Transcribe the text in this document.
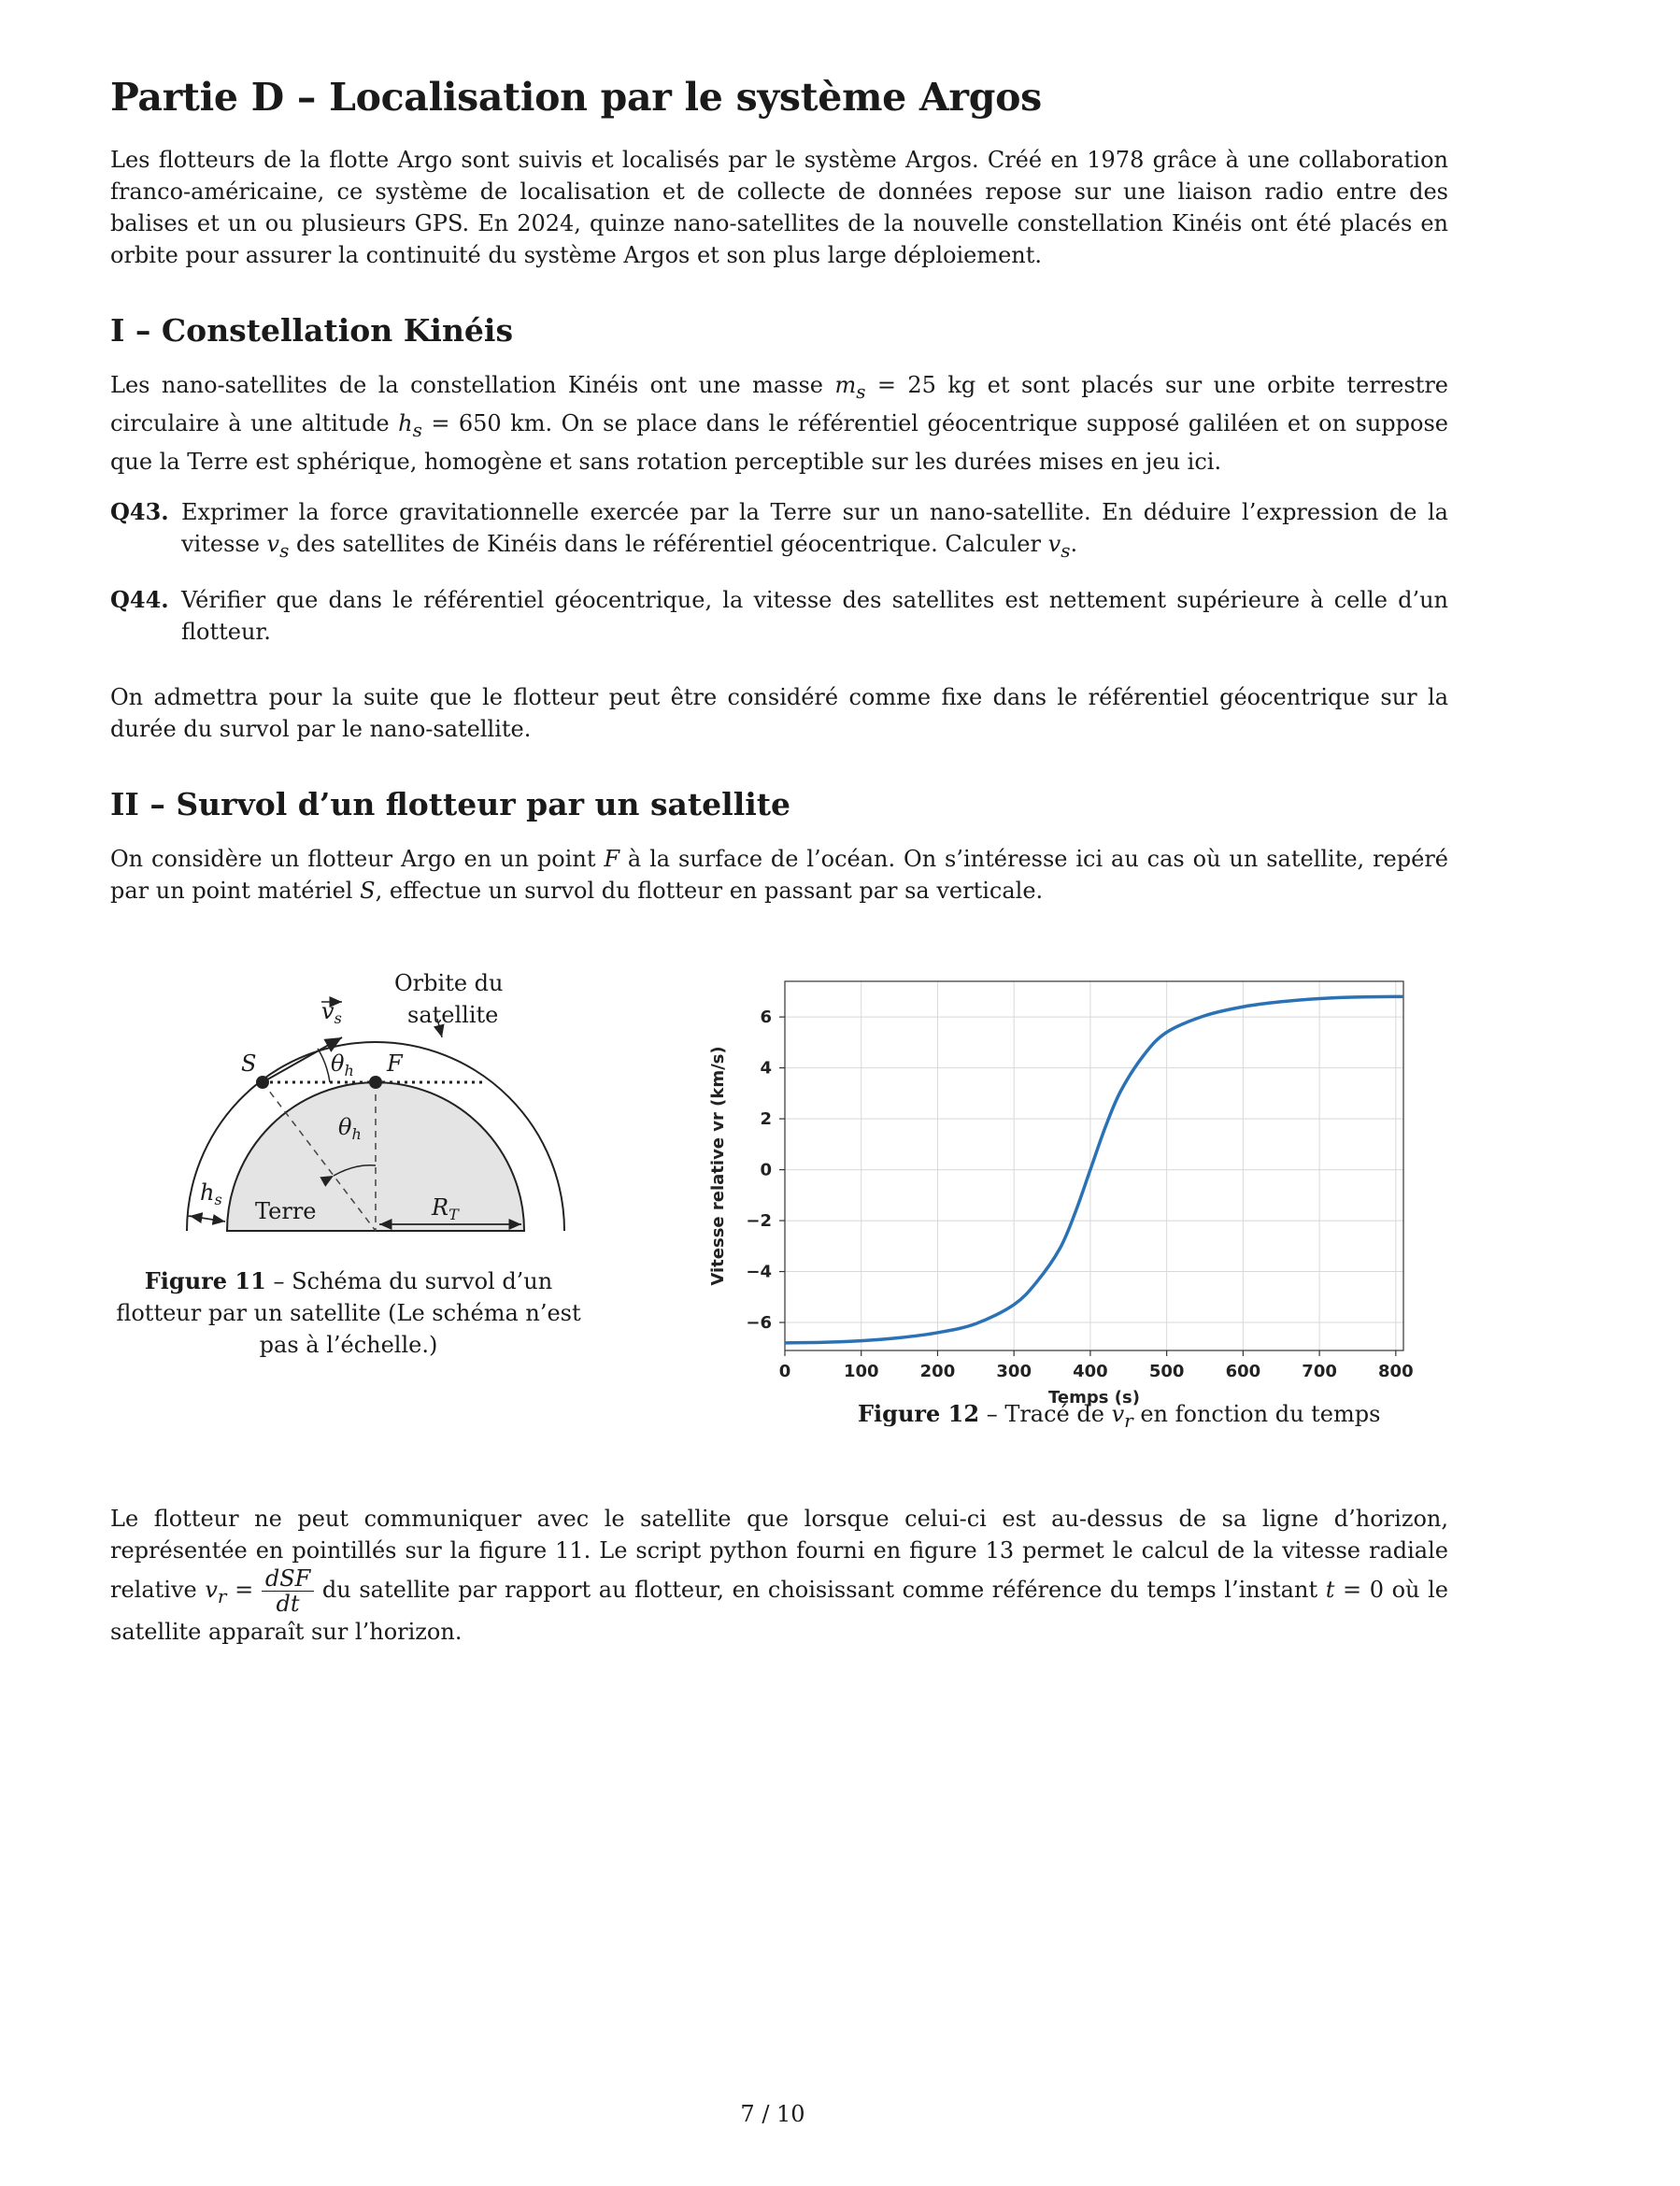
Partie D – Localisation par le système Argos

Les flotteurs de la flotte Argo sont suivis et localisés par le système Argos. Créé en 1978 grâce à une collaboration franco-américaine, ce système de localisation et de collecte de données repose sur une liaison radio entre des balises et un ou plusieurs GPS. En 2024, quinze nano-satellites de la nouvelle constellation Kinéis ont été placés en orbite pour assurer la continuité du système Argos et son plus large déploiement.

I – Constellation Kinéis

Les nano-satellites de la constellation Kinéis ont une masse $m_s = 25$ kg et sont placés sur une orbite terrestre circulaire à une altitude $h_s = 650$ km. On se place dans le référentiel géocentrique supposé galiléen et on suppose que la Terre est sphérique, homogène et sans rotation perceptible sur les durées mises en jeu ici.

Q43. Exprimer la force gravitationnelle exercée par la Terre sur un nano-satellite. En déduire l’expression de la vitesse $v_s$ des satellites de Kinéis dans le référentiel géocentrique. Calculer $v_s$.

Q44. Vérifier que dans le référentiel géocentrique, la vitesse des satellites est nettement supérieure à celle d’un flotteur.

On admettra pour la suite que le flotteur peut être considéré comme fixe dans le référentiel géocentrique sur la durée du survol par le nano-satellite.

II – Survol d’un flotteur par un satellite

On considère un flotteur Argo en un point F à la surface de l’océan. On s’intéresse ici au cas où un satellite, repéré par un point matériel S, effectue un survol du flotteur en passant par sa verticale.

Orbite du
satellite
S	F
$\theta_h$
$\theta_h$
$v_s$
$h_s$ Terre	$R_T$
Figure 11 – Schéma du survol d’un flotteur par un satellite (Le schéma n’est pas à l’échelle.)
0	100 200 300 400 500 600 700 800
−6
−4
−2
0
2
4
6
Temps (s)
Vitesse relative vr (km/s)
Figure 12 – Tracé de $v_r$ en fonction du temps

Le flotteur ne peut communiquer avec le satellite que lorsque celui-ci est au-dessus de sa ligne d’horizon, représentée en pointillés sur la figure 11. Le script python fourni en figure 13 permet le calcul de la vitesse radiale relative $v_r = \frac{\text{dSF}}{dt}$ du satellite par rapport au flotteur, en choisissant comme référence du temps l’instant t = 0 où le satellite apparaît sur l’horizon.

7 / 10
